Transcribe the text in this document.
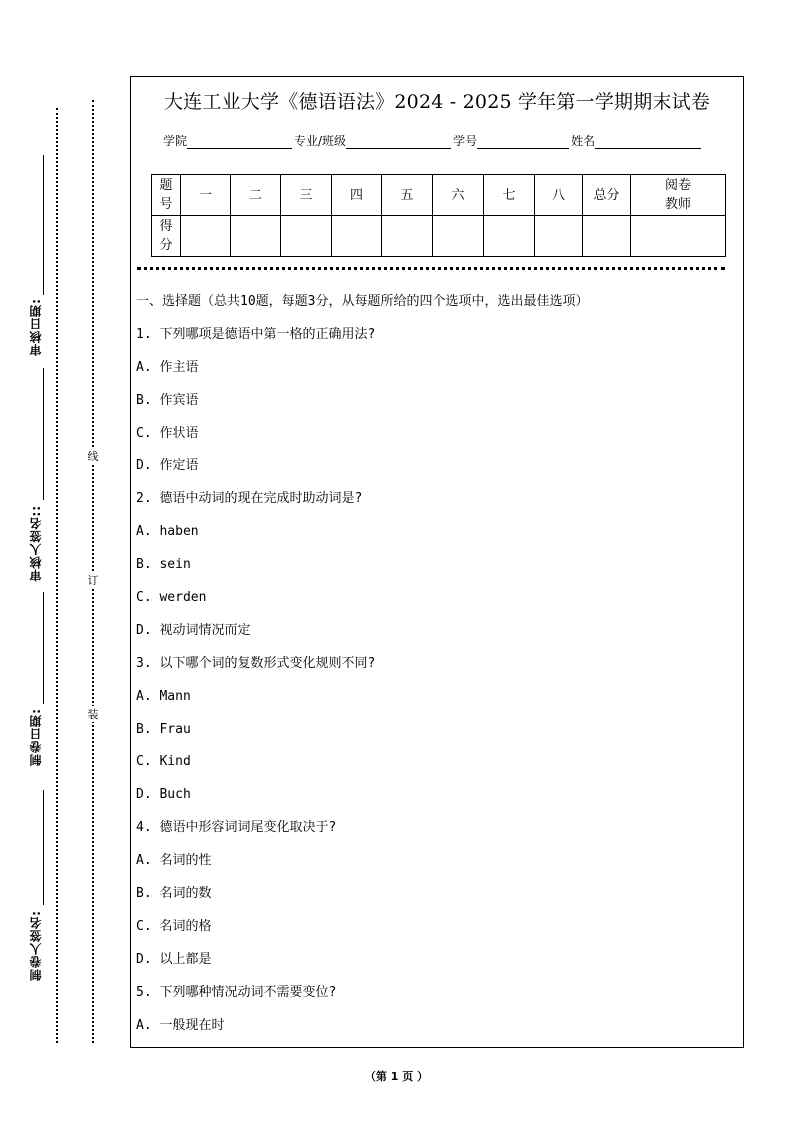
审核日期:
审核人签名::
制卷日期:
制卷人签名:
线
订
装
大连工业大学《德语语法》2024 - 2025 学年第一学期期末试卷
学院	专业/班级	学号	姓名
题
号	一	二	三	四	五	六	七	八	总分	阅卷
教师
得
分										
一、选择题（总共10题，每题3分，从每题所给的四个选项中，选出最佳选项）
1. 下列哪项是德语中第一格的正确用法?
A. 作主语
B. 作宾语
C. 作状语
D. 作定语
2. 德语中动词的现在完成时助动词是?
A. haben
B. sein
C. werden
D. 视动词情况而定
3. 以下哪个词的复数形式变化规则不同?
A. Mann
B. Frau
C. Kind
D. Buch
4. 德语中形容词词尾变化取决于?
A. 名词的性
B. 名词的数
C. 名词的格
D. 以上都是
5. 下列哪种情况动词不需要变位?
A. 一般现在时
（第 1 页 ）
